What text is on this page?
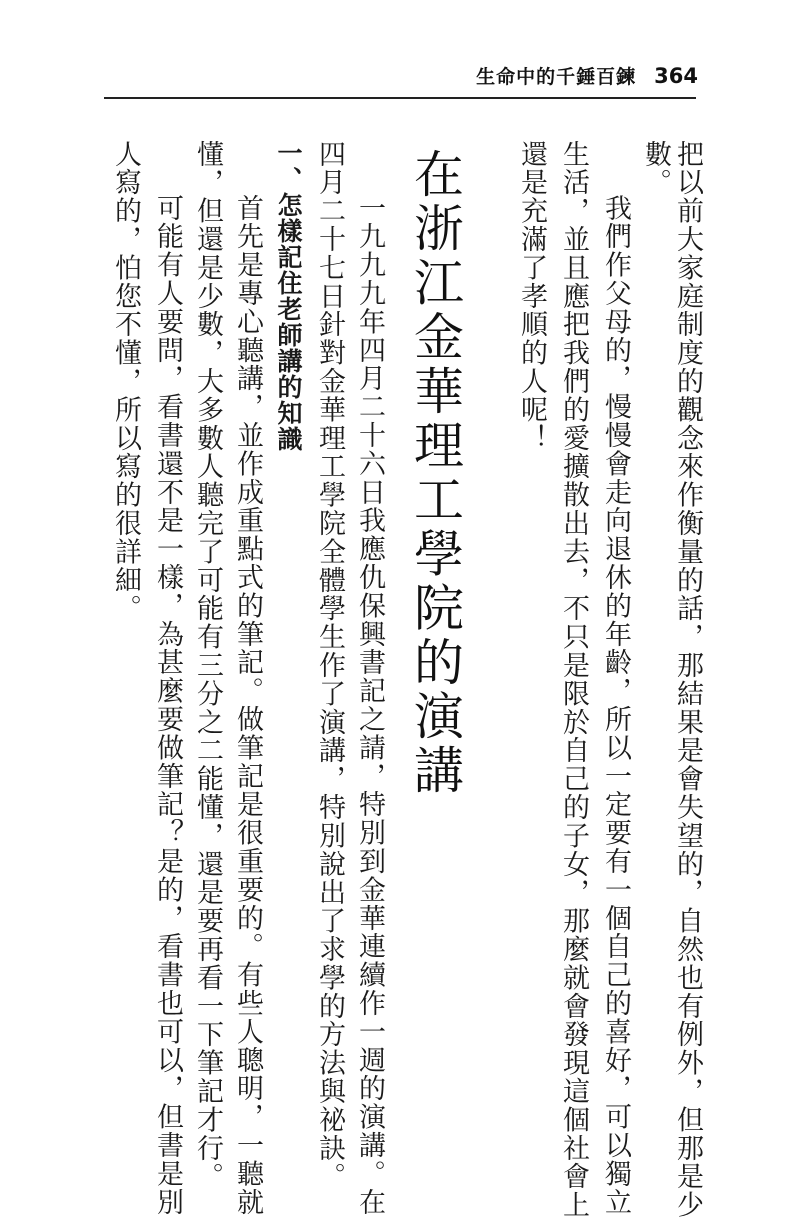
生命中的千錘百鍊 364
把以前大家庭制度的觀念來作衡量的話，那結果是會失望的，自然也有例外，但那是少
數。
我們作父母的，慢慢會走向退休的年齡，所以一定要有一個自己的喜好，可以獨立
生活，並且應把我們的愛擴散出去，不只是限於自己的子女，那麼就會發現這個社會上
還是充滿了孝順的人呢！
在浙江金華理工學院的演講
一九九九年四月二十六日我應仇保興書記之請，特別到金華連續作一週的演講。在
四月二十七日針對金華理工學院全體學生作了演講，特別說出了求學的方法與祕訣。
一、怎樣記住老師講的知識
首先是專心聽講，並作成重點式的筆記。做筆記是很重要的。有些人聰明，一聽就
懂，但還是少數，大多數人聽完了可能有三分之二能懂，還是要再看一下筆記才行。
可能有人要問，看書還不是一樣，為甚麼要做筆記？是的，看書也可以，但書是別
人寫的，怕您不懂，所以寫的很詳細。
